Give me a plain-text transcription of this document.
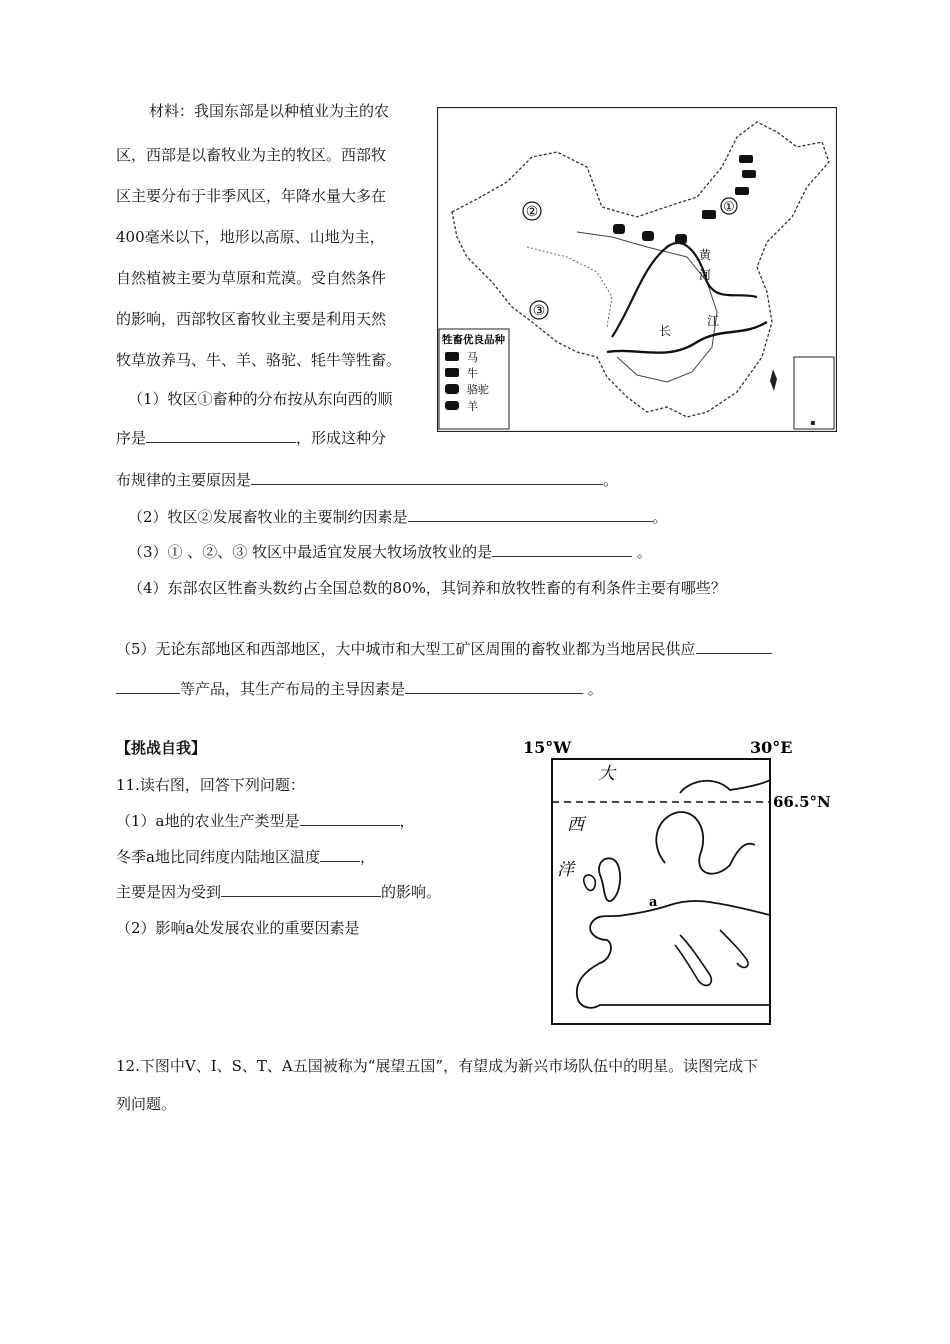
材料：我国东部是以种植业为主的农
区，西部是以畜牧业为主的牧区。西部牧
区主要分布于非季风区，年降水量大多在
400毫米以下，地形以高原、山地为主，
自然植被主要为草原和荒漠。受自然条件
的影响，西部牧区畜牧业主要是利用天然
牧草放养马、牛、羊、骆驼、牦牛等牲畜。
▪
①
②
③
黄
河
长
江
牲畜优良品种
马
牛
骆驼
羊
（1）牧区①畜种的分布按从东向西的顺
序是	，形成这种分
布规律的主要原因是	。
（2）牧区②发展畜牧业的主要制约因素是	。
（3）① 、②、③ 牧区中最适宜发展大牧场放牧业的是	。
（4）东部农区牲畜头数约占全国总数的80%，其饲养和放牧牲畜的有利条件主要有哪些？
（5）无论东部地区和西部地区，大中城市和大型工矿区周围的畜牧业都为当地居民供应
等产品，其生产布局的主导因素是	。
【挑战自我】
11.读右图，回答下列问题：
（1）a地的农业生产类型是	，
冬季a地比同纬度内陆地区温度	，
主要是因为受到	的影响。
（2）影响a处发展农业的重要因素是
15°W	30°E
66.5°N
大
西
洋
a
12.下图中V、I、S、T、A五国被称为“展望五国”，有望成为新兴市场队伍中的明星。读图完成下
列问题。
